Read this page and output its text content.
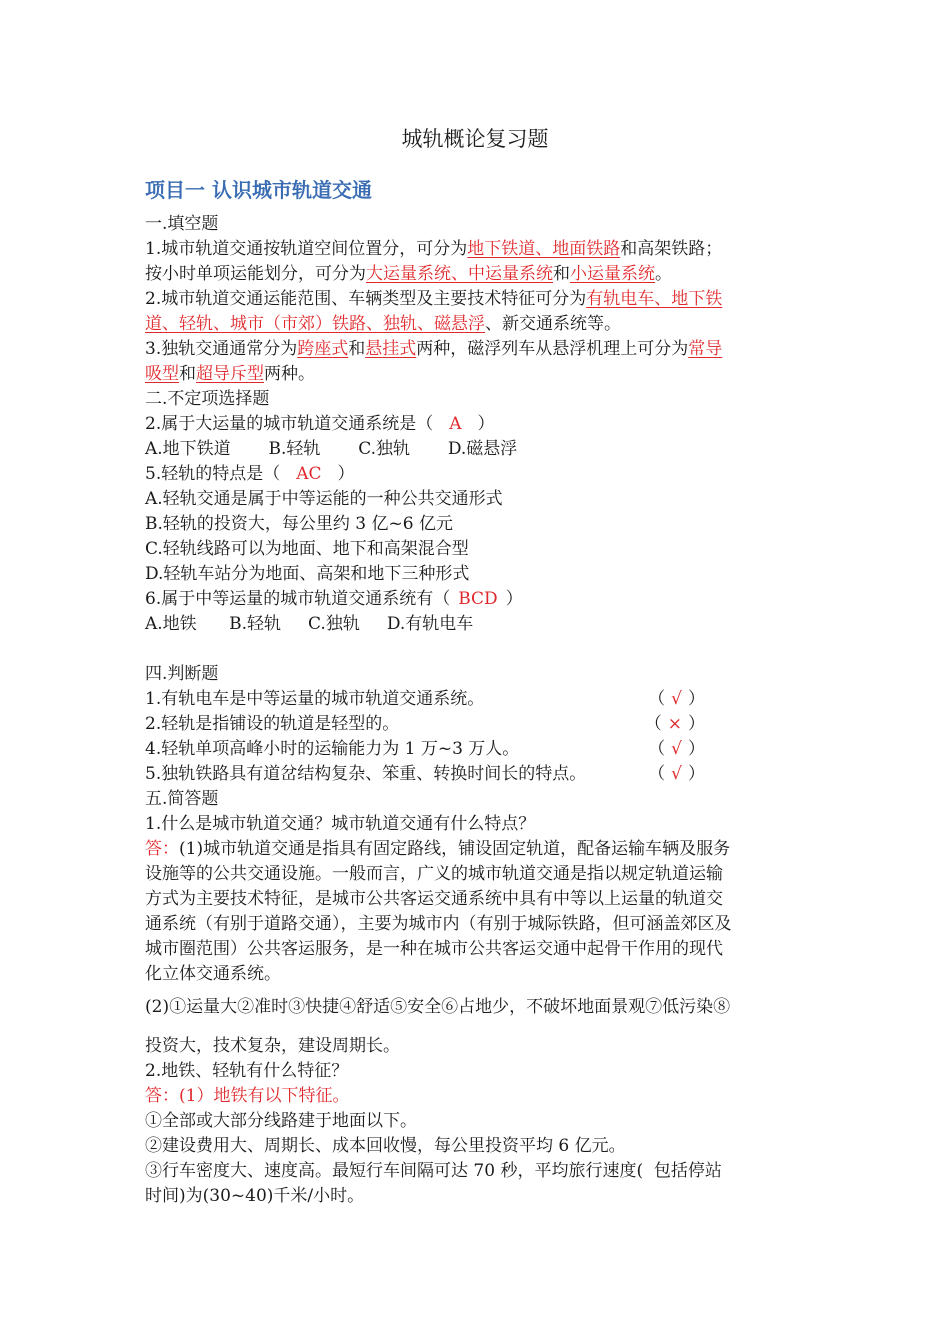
城轨概论复习题
项目一 认识城市轨道交通
一.填空题
1.城市轨道交通按轨道空间位置分，可分为地下铁道、地面铁路和高架铁路；
按小时单项运能划分，可分为大运量系统、中运量系统和小运量系统。
2.城市轨道交通运能范围、车辆类型及主要技术特征可分为有轨电车、地下铁
道、轻轨、城市（市郊）铁路、独轨、磁悬浮、新交通系统等。
3.独轨交通通常分为跨座式和悬挂式两种，磁浮列车从悬浮机理上可分为常导
吸型和超导斥型两种。
二.不定项选择题
2.属于大运量的城市轨道交通系统是（ A ）
A.地下铁道       B.轻轨       C.独轨       D.磁悬浮
5.轻轨的特点是（ AC ）
A.轻轨交通是属于中等运能的一种公共交通形式
B.轻轨的投资大，每公里约 3 亿~6 亿元
C.轻轨线路可以为地面、地下和高架混合型
D.轻轨车站分为地面、高架和地下三种形式
6.属于中等运量的城市轨道交通系统有（ BCD ）
A.地铁      B.轻轨     C.独轨     D.有轨电车
四.判断题
1.有轨电车是中等运量的城市轨道交通系统。	（ √ ）
2.轻轨是指铺设的轨道是轻型的。	（ × ）
4.轻轨单项高峰小时的运输能力为 1 万~3 万人。	（ √ ）
5.独轨铁路具有道岔结构复杂、笨重、转换时间长的特点。	（ √ ）
五.简答题
1.什么是城市轨道交通？城市轨道交通有什么特点？
答：(1)城市轨道交通是指具有固定路线，铺设固定轨道，配备运输车辆及服务
设施等的公共交通设施。一般而言，广义的城市轨道交通是指以规定轨道运输
方式为主要技术特征，是城市公共客运交通系统中具有中等以上运量的轨道交
通系统（有别于道路交通），主要为城市内（有别于城际铁路，但可涵盖郊区及
城市圈范围）公共客运服务，是一种在城市公共客运交通中起骨干作用的现代
化立体交通系统。
(2)①运量大②准时③快捷④舒适⑤安全⑥占地少，不破坏地面景观⑦低污染⑧
投资大，技术复杂，建设周期长。
2.地铁、轻轨有什么特征？
答：(1）地铁有以下特征。
①全部或大部分线路建于地面以下。
②建设费用大、周期长、成本回收慢，每公里投资平均 6 亿元。
③行车密度大、速度高。最短行车间隔可达 70 秒，平均旅行速度(  包括停站
时间)为(30~40)千米/小时。
